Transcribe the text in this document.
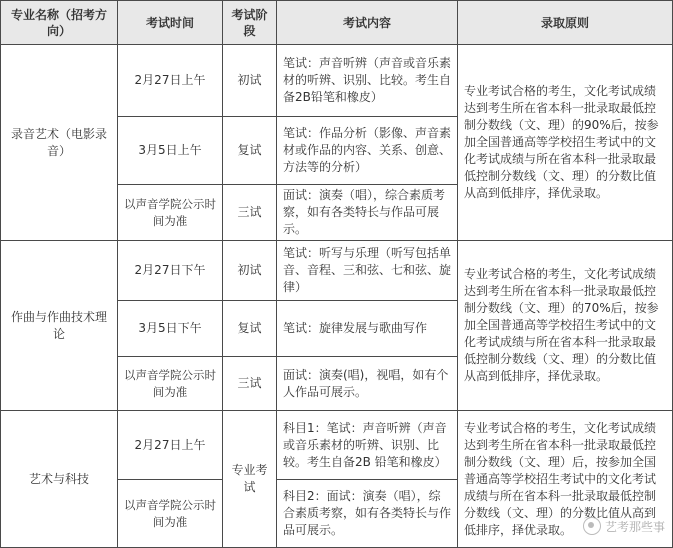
专业名称（招考方向）	考试时间	考试阶段	考试内容	录取原则
录音艺术（电影录音）	2月27日上午	初试	笔试：声音听辨（声音或音乐素材的听辨、识别、比较。考生自备2B铅笔和橡皮）	专业考试合格的考生，文化考试成绩达到考生所在省本科一批录取最低控制分数线（文、理）的90%后，按参加全国普通高等学校招生考试中的文化考试成绩与所在省本科一批录取最低控制分数线（文、理）的分数比值从高到低排序，择优录取。
	3月5日上午	复试	笔试：作品分析（影像、声音素材或作品的内容、关系、创意、方法等的分析）	
	以声音学院公示时间为准	三试	面试：演奏（唱），综合素质考察，如有各类特长与作品可展示。	
作曲与作曲技术理论	2月27日下午	初试	笔试：听写与乐理（听写包括单音、音程、三和弦、七和弦、旋律）	专业考试合格的考生，文化考试成绩达到考生所在省本科一批录取最低控制分数线（文、理）的70%后，按参加全国普通高等学校招生考试中的文化考试成绩与所在省本科一批录取最低控制分数线（文、理）的分数比值从高到低排序，择优录取。
	3月5日下午	复试	笔试：旋律发展与歌曲写作	
	以声音学院公示时间为准	三试	面试：演奏(唱)，视唱，如有个人作品可展示。	
艺术与科技	2月27日上午	专业考试	科目1：笔试：声音听辨（声音或音乐素材的听辨、识别、比较。考生自备2B 铅笔和橡皮）	专业考试合格的考生，文化考试成绩达到考生所在省本科一批录取最低控制分数线（文、理）后，按参加全国普通高等学校招生考试中的文化考试成绩与所在省本科一批录取最低控制分数线（文、理）的分数比值从高到低排序，择优录取。
	以声音学院公示时间为准		科目2：面试：演奏（唱），综合素质考察，如有各类特长与作品可展示。		艺考那些事
